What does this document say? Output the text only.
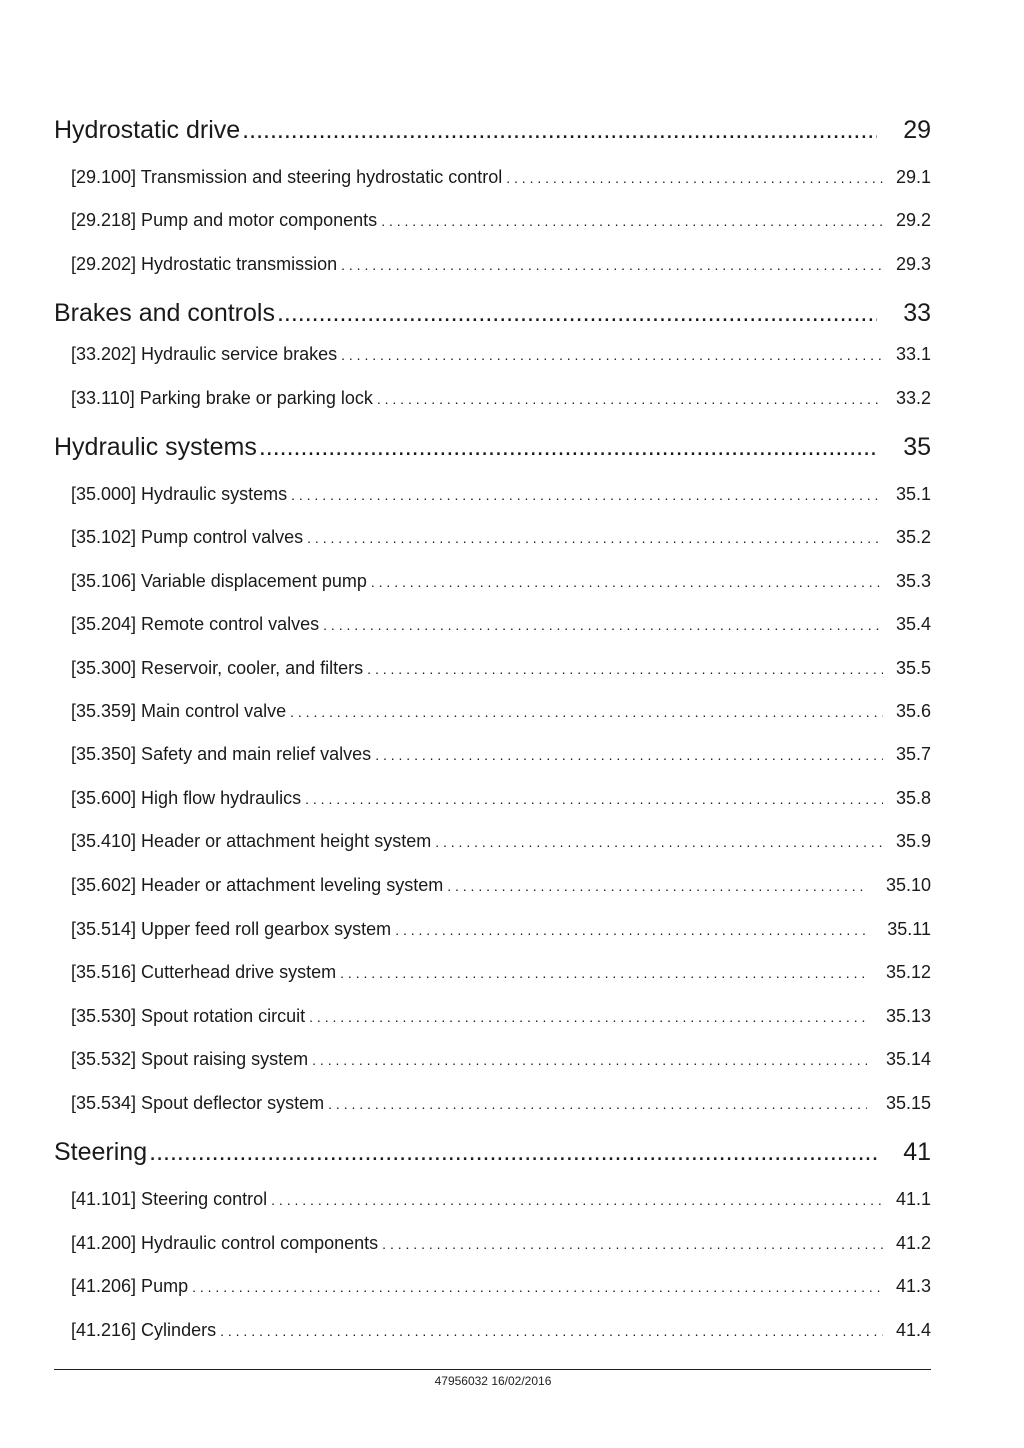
Hydrostatic drive .....	29
[29.100] Transmission and steering hydrostatic control . . .	29.1
[29.218] Pump and motor components . . .	29.2
[29.202] Hydrostatic transmission . . .	29.3
Brakes and controls .....	33
[33.202] Hydraulic service brakes . . .	33.1
[33.110] Parking brake or parking lock . . .	33.2
Hydraulic systems .....	35
[35.000] Hydraulic systems . . .	35.1
[35.102] Pump control valves . . .	35.2
[35.106] Variable displacement pump . . .	35.3
[35.204] Remote control valves . . .	35.4
[35.300] Reservoir, cooler, and filters . . .	35.5
[35.359] Main control valve . . .	35.6
[35.350] Safety and main relief valves . . .	35.7
[35.600] High flow hydraulics . . .	35.8
[35.410] Header or attachment height system . . .	35.9
[35.602] Header or attachment leveling system . . .	35.10
[35.514] Upper feed roll gearbox system . . .	35.11
[35.516] Cutterhead drive system . . .	35.12
[35.530] Spout rotation circuit . . .	35.13
[35.532] Spout raising system . . .	35.14
[35.534] Spout deflector system . . .	35.15
Steering .....	41
[41.101] Steering control . . .	41.1
[41.200] Hydraulic control components . . .	41.2
[41.206] Pump . . .	41.3
[41.216] Cylinders . . .	41.4
47956032 16/02/2016
